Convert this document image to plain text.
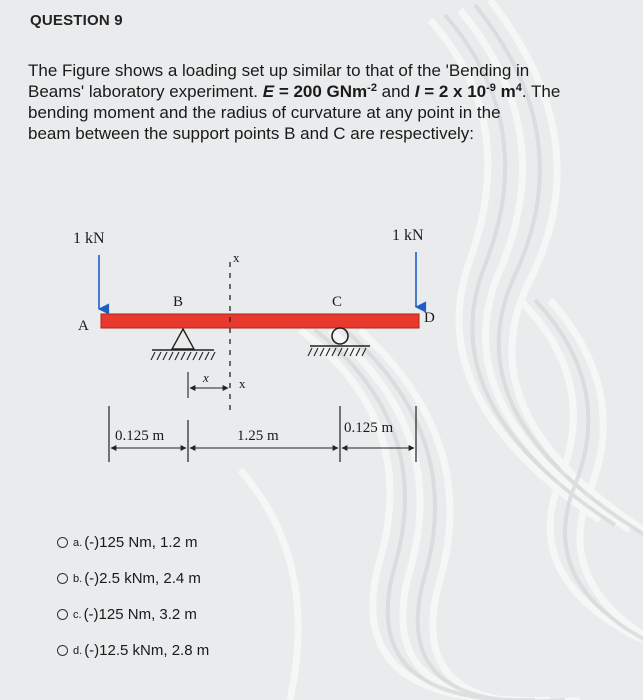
QUESTION 9
The Figure shows a loading set up similar to that of the 'Bending in
Beams' laboratory experiment. E = 200 GNm$^{-2}$ and I = 2 x $10^{-9}$ $m^4$. The
bending moment and the radius of curvature at any point in the
beam between the support points B and C are respectively:
1 kN	1 kN
A
B	C
D
x
x
x
0.125 m	1.25 m	0.125 m
a. (-)125 Nm, 1.2 m
b. (-)2.5 kNm, 2.4 m
c. (-)125 Nm, 3.2 m
d. (-)12.5 kNm, 2.8 m
